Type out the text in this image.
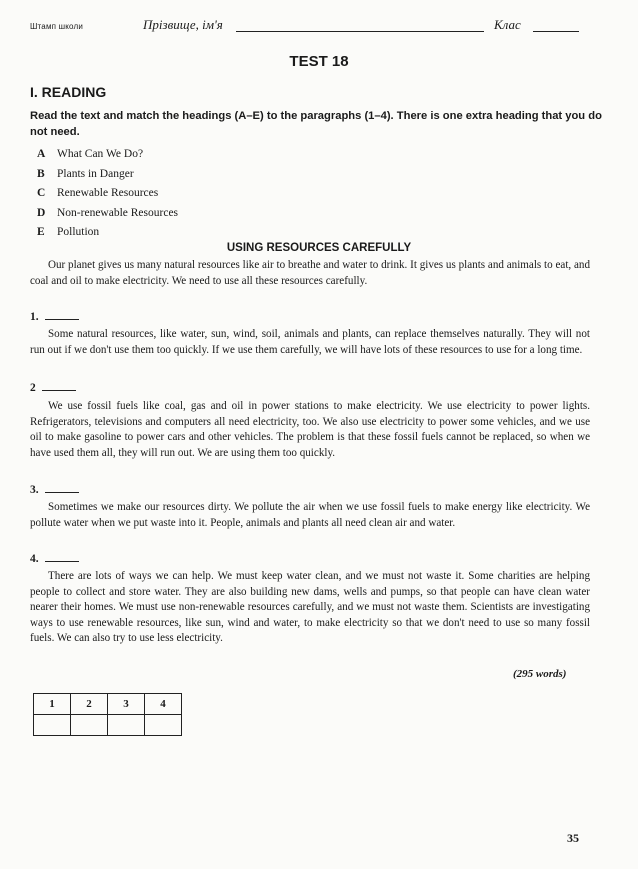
Штамп школи	Прізвище, ім'я	Клас
TEST 18
I. READING
Read the text and match the headings (A–E) to the paragraphs (1–4). There is one extra heading that you do not need.
A What Can We Do?
B Plants in Danger
C Renewable Resources
D Non-renewable Resources
E Pollution
USING RESOURCES CAREFULLY

Our planet gives us many natural resources like air to breathe and water to drink. It gives us plants and animals to eat, and coal and oil to make electricity. We need to use all these resources carefully.

1.

Some natural resources, like water, sun, wind, soil, animals and plants, can replace themselves naturally. They will not run out if we don't use them too quickly. If we use them carefully, we will have lots of these resources to use for a long time.

2

We use fossil fuels like coal, gas and oil in power stations to make electricity. We use electricity to power lights. Refrigerators, televisions and computers all need electricity, too. We also use electricity to power some vehicles, and we use oil to make gasoline to power cars and other vehicles. The problem is that these fossil fuels cannot be replaced, so when we have used them all, they will run out. We are using them too quickly.

3.

Sometimes we make our resources dirty. We pollute the air when we use fossil fuels to make energy like electricity. We pollute water when we put waste into it. People, animals and plants all need clean air and water.

4.

There are lots of ways we can help. We must keep water clean, and we must not waste it. Some charities are helping people to collect and store water. They are also building new dams, wells and pumps, so that people can have clean water nearer their homes. We must use non-renewable resources carefully, and we must not waste them. Scientists are investigating ways to use renewable resources, like sun, wind and water, to make electricity so that we don't need to use so many fossil fuels. We can also try to use less electricity.

(295 words)
1	2	3	4

35
